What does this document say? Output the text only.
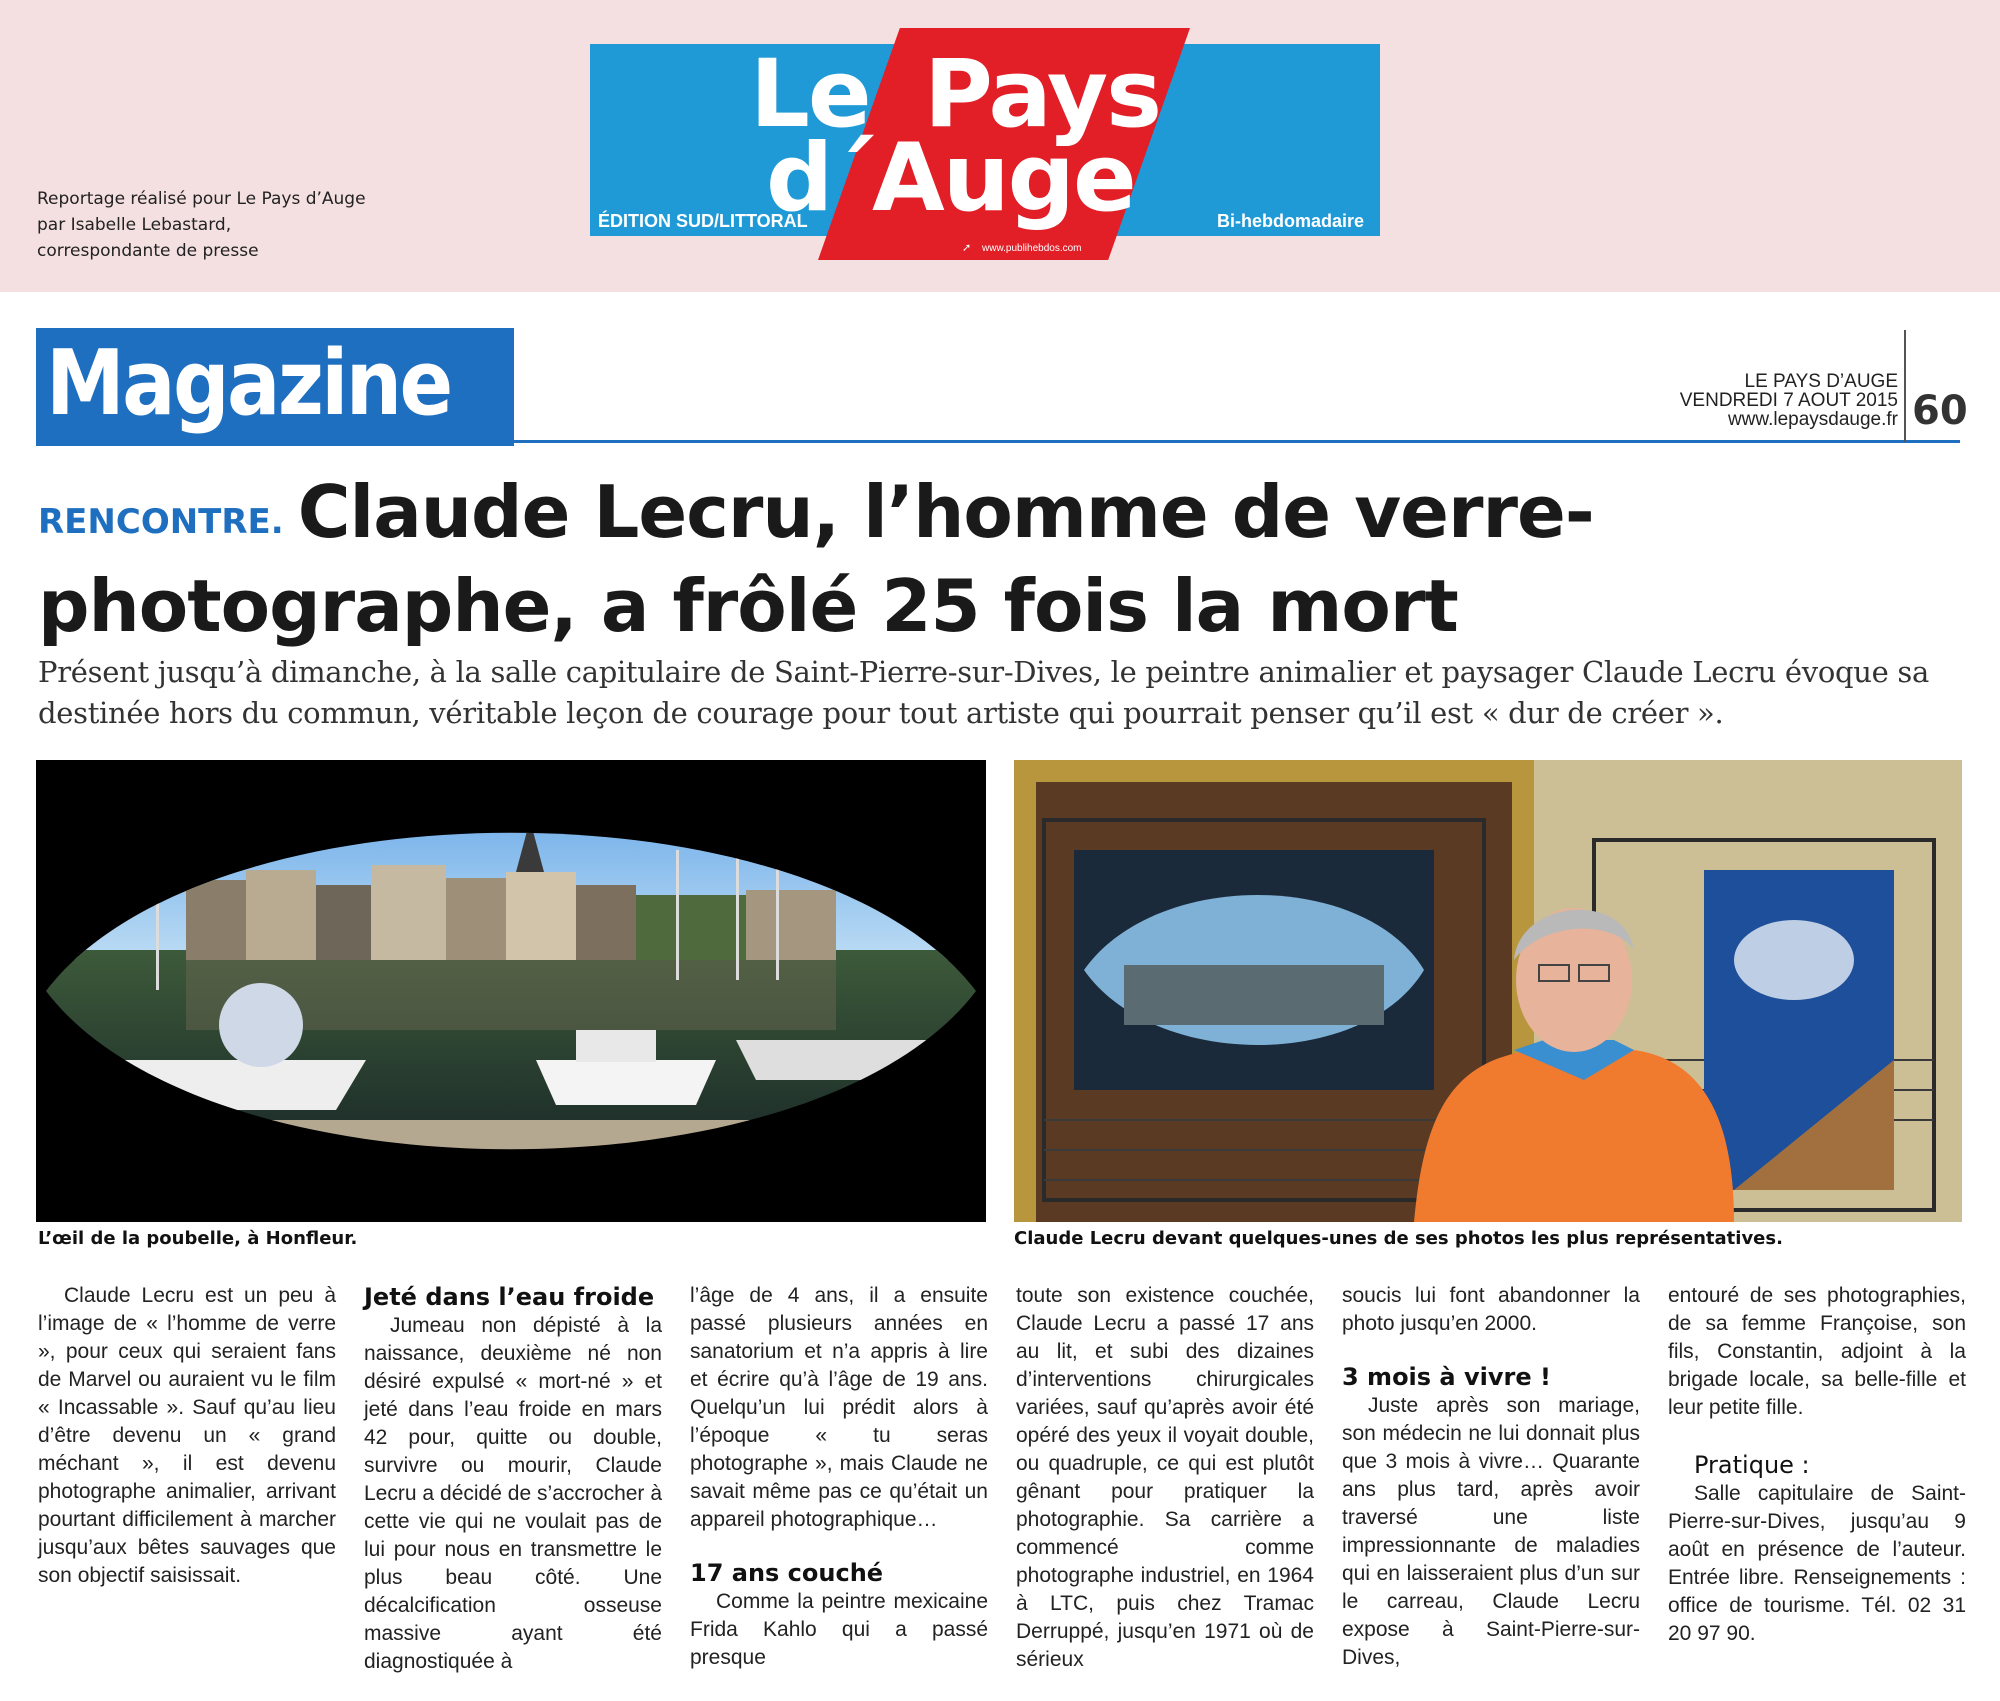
Reportage réalisé pour Le Pays d’Auge
par Isabelle Lebastard,
correspondante de presse
Le Pays
d´
Auge
ÉDITION SUD/LITTORAL	Bi-hebdomadaire
➚ www.publihebdos.com
Magazine	LE PAYS D’AUGE
VENDREDI 7 AOUT 2015
www.lepaysdauge.fr 60
RENCONTRE. Claude Lecru, l’homme de verre-photographe, a frôlé 25 fois la mort

Présent jusqu’à dimanche, à la salle capitulaire de Saint-Pierre-sur-Dives, le peintre animalier et paysager Claude Lecru évoque sa destinée hors du commun, véritable leçon de courage pour tout artiste qui pourrait penser qu’il est « dur de créer ».

L’œil de la poubelle, à Honfleur.	Claude Lecru devant quelques-unes de ses photos les plus représentatives.

Claude Lecru est un peu à l’image de « l’homme de verre », pour ceux qui seraient fans de Marvel ou auraient vu le film « Incassable ». Sauf qu’au lieu d’être devenu un « grand méchant », il est devenu photographe animalier, arrivant pourtant difficilement à marcher jusqu’aux bêtes sauvages que son objectif saisissait.

Jeté dans l’eau froide

Jumeau non dépisté à la naissance, deuxième né non désiré expulsé « mort-né » et jeté dans l’eau froide en mars 42 pour, quitte ou double, survivre ou mourir, Claude Lecru a décidé de s’accrocher à cette vie qui ne voulait pas de lui pour nous en transmettre le plus beau côté. Une décalcification osseuse massive ayant été diagnostiquée à

l’âge de 4 ans, il a ensuite passé plusieurs années en sanatorium et n’a appris à lire et écrire qu’à l’âge de 19 ans. Quelqu’un lui prédit alors à l’époque « tu seras photographe », mais Claude ne savait même pas ce qu’était un appareil photographique…

17 ans couché

Comme la peintre mexicaine Frida Kahlo qui a passé presque

toute son existence couchée, Claude Lecru a passé 17 ans au lit, et subi des dizaines d’interventions chirurgicales variées, sauf qu’après avoir été opéré des yeux il voyait double, ou quadruple, ce qui est plutôt gênant pour pratiquer la photographie. Sa carrière a commencé comme photographe industriel, en 1964 à LTC, puis chez Tramac Derruppé, jusqu’en 1971 où de sérieux

soucis lui font abandonner la photo jusqu’en 2000.

3 mois à vivre !

Juste après son mariage, son médecin ne lui donnait plus que 3 mois à vivre… Quarante ans plus tard, après avoir traversé une liste impressionnante de maladies qui en laisseraient plus d’un sur le carreau, Claude Lecru expose à Saint-Pierre-sur-Dives,

entouré de ses photographies, de sa femme Françoise, son fils, Constantin, adjoint à la brigade locale, sa belle-fille et leur petite fille.

Pratique :

Salle capitulaire de Saint-Pierre-sur-Dives, jusqu’au 9 août en présence de l’auteur. Entrée libre. Renseignements : office de tourisme. Tél. 02 31 20 97 90.
